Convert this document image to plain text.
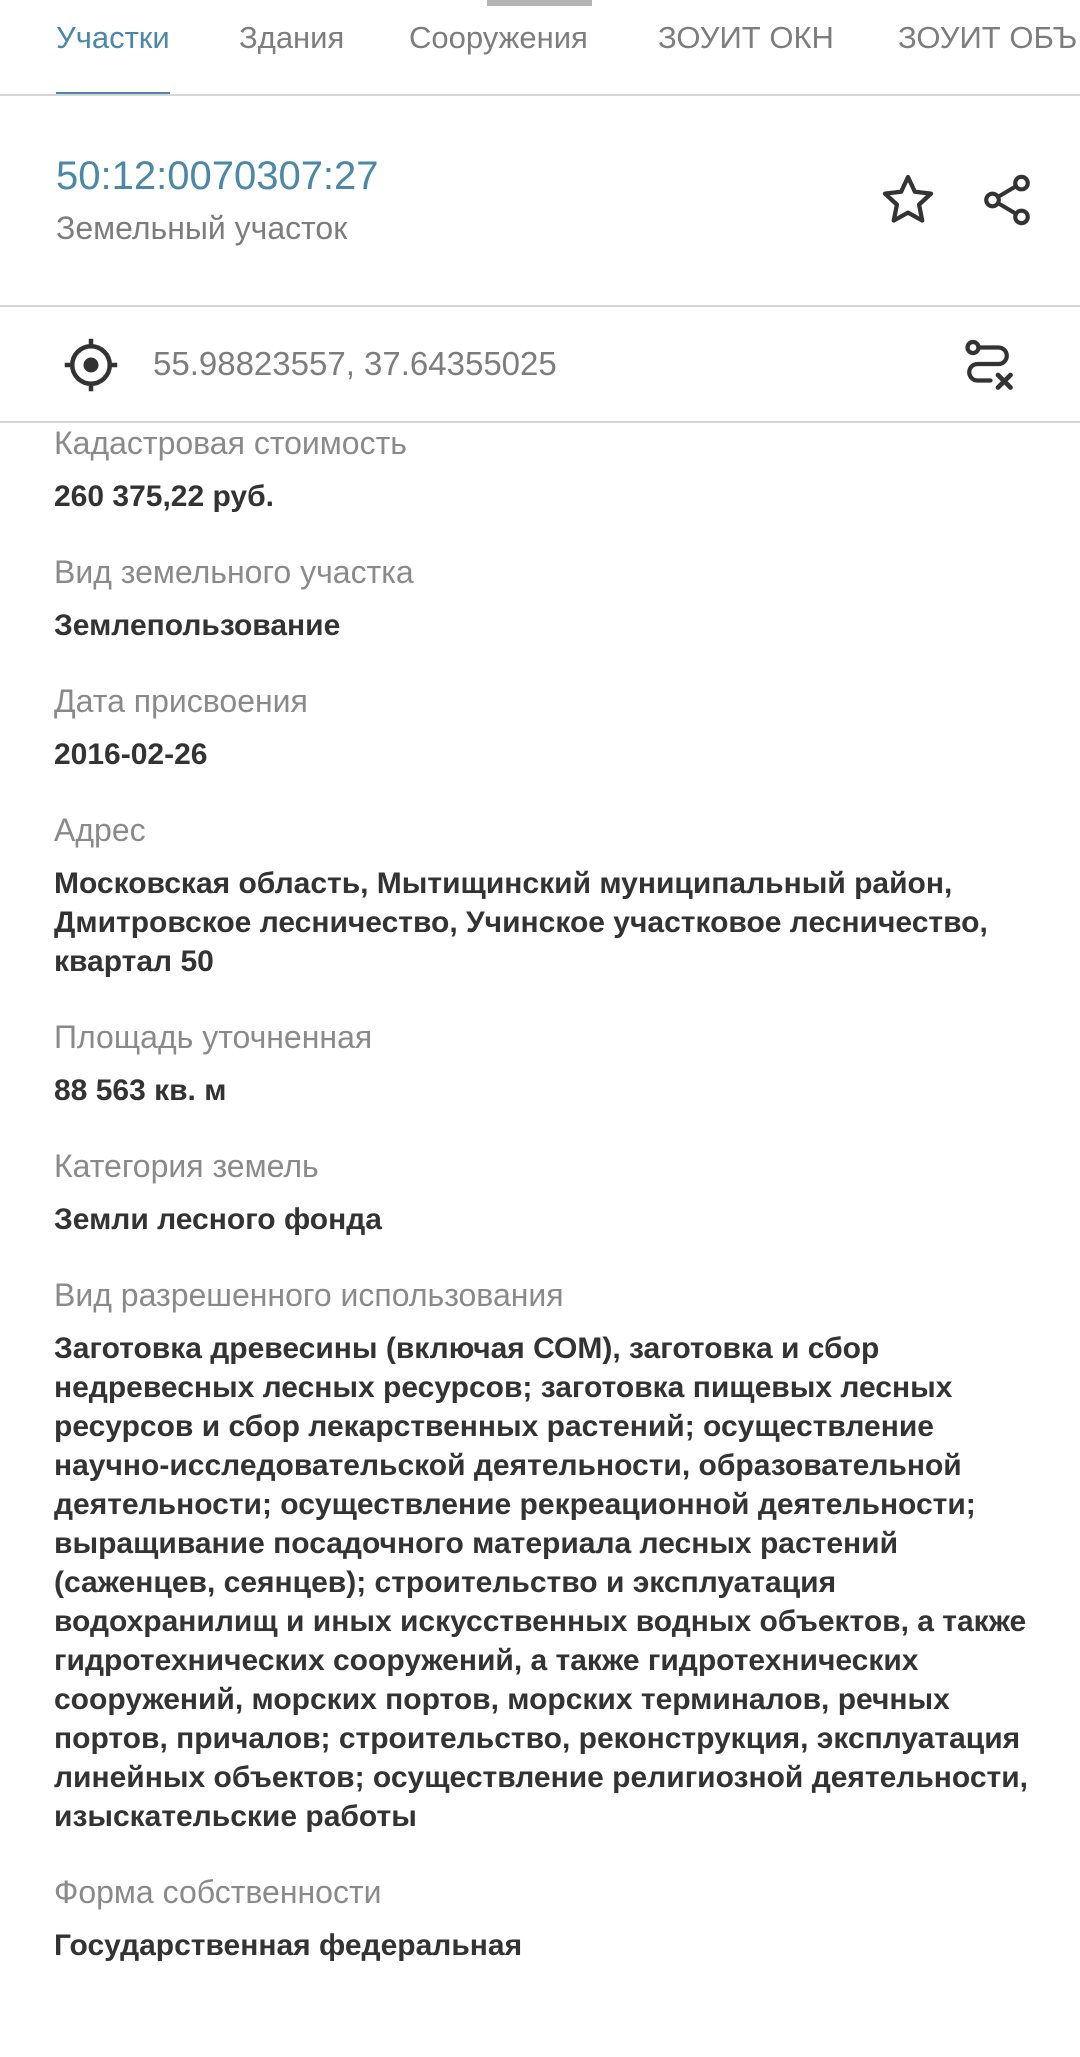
Участки Здания Сооружения ЗОУИТ ОКН ЗОУИТ ОБЪ
50:12:0070307:27
Земельный участок
55.98823557, 37.64355025
Кадастровая стоимость
260 375,22 руб.
Вид земельного участка
Землепользование
Дата присвоения
2016-02-26
Адрес
Московская область, Мытищинский муниципальный район, Дмитровское лесничество, Учинское участковое лесничество, квартал 50
Площадь уточненная
88 563 кв. м
Категория земель
Земли лесного фонда
Вид разрешенного использования
Заготовка древесины (включая СОМ), заготовка и сбор недревесных лесных ресурсов; заготовка пищевых лесных ресурсов и сбор лекарственных растений; осуществление научно-исследовательской деятельности, образовательной деятельности; осуществление рекреационной деятельности; выращивание посадочного материала лесных растений (саженцев, сеянцев); строительство и эксплуатация водохранилищ и иных искусственных водных объектов, а также гидротехнических сооружений, а также гидротехнических сооружений, морских портов, морских терминалов, речных портов, причалов; строительство, реконструкция, эксплуатация линейных объектов; осуществление религиозной деятельности, изыскательские работы
Форма собственности
Государственная федеральная
